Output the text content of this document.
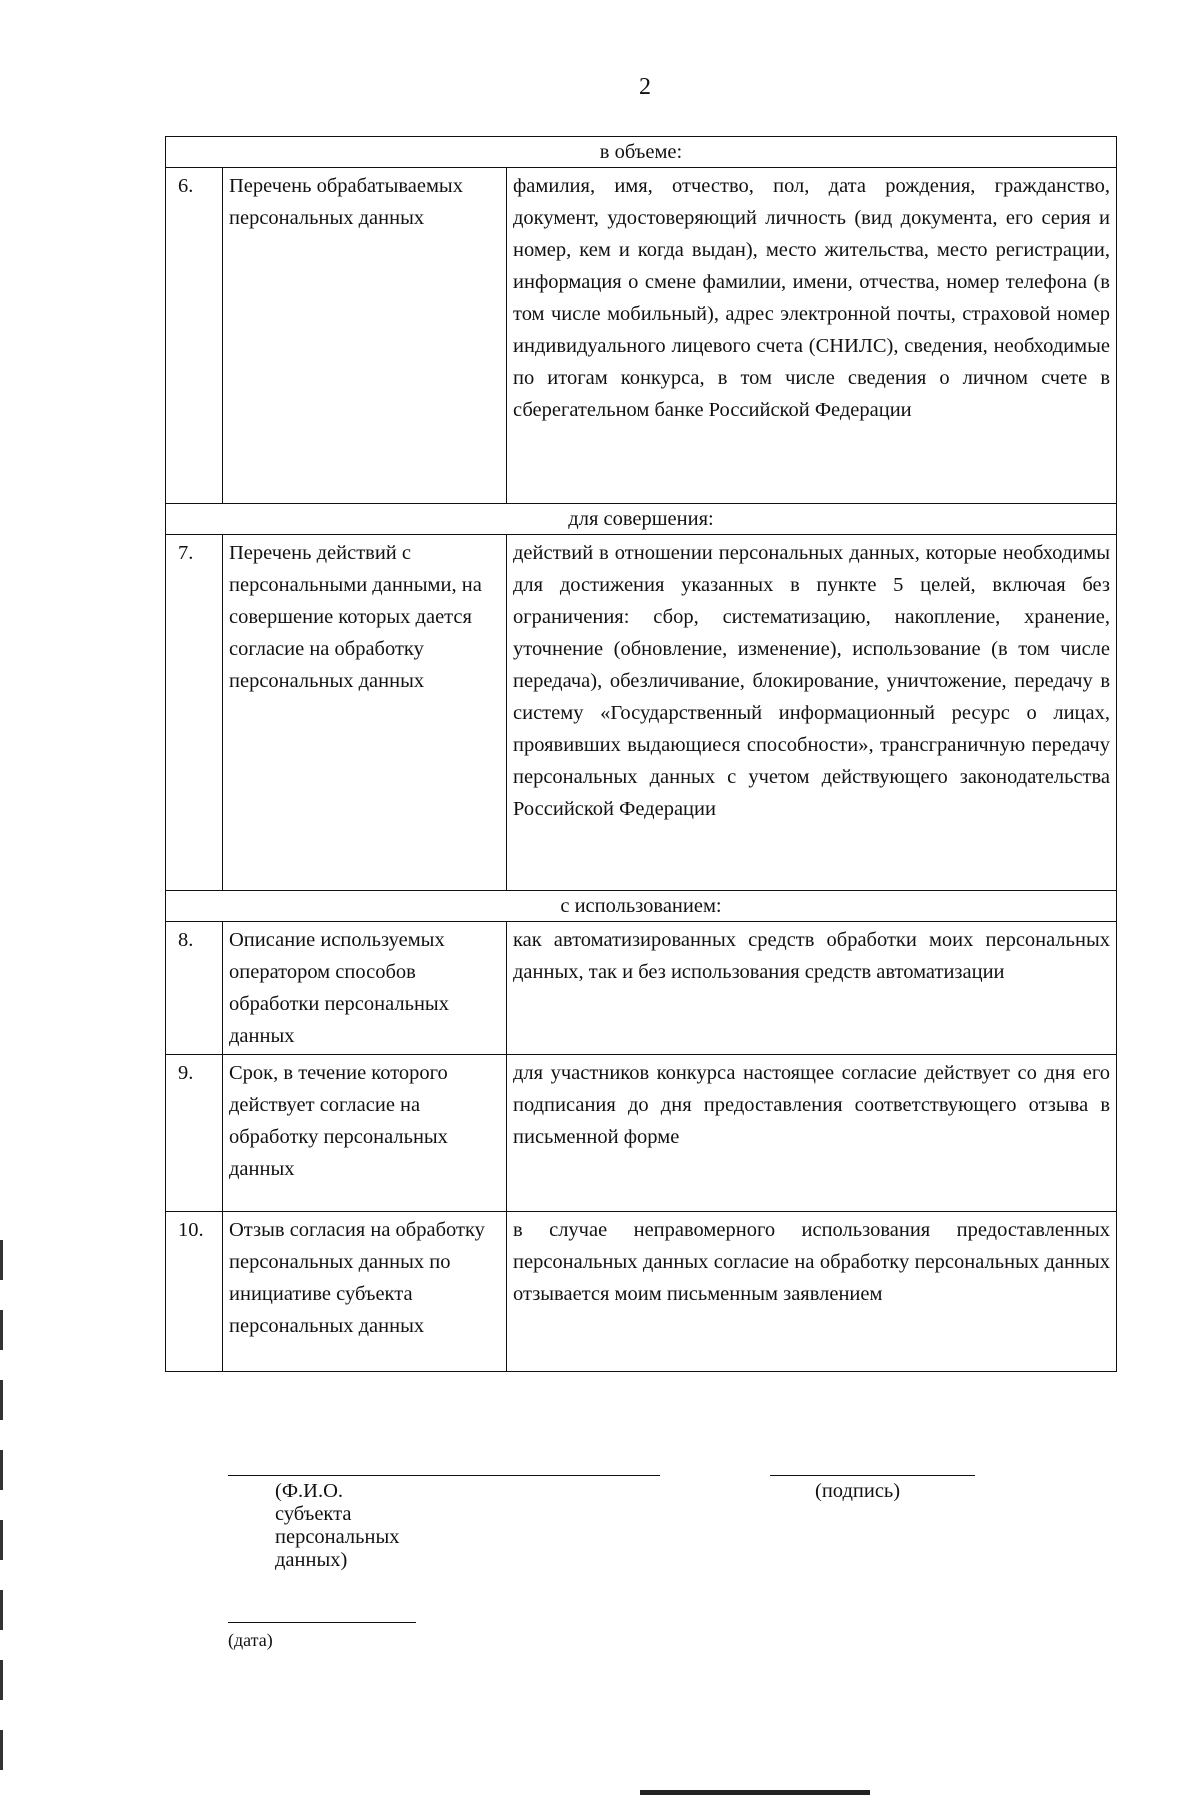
2
в объеме:		
6.	Перечень обрабатываемых персональных данных	фамилия, имя, отчество, пол, дата рождения, гражданство, документ, удостоверяющий личность (вид документа, его серия и номер, кем и когда выдан), место жительства, место регистрации, информация о смене фамилии, имени, отчества, номер телефона (в том числе мобильный), адрес электронной почты, страховой номер индивидуального лицевого счета (СНИЛС), сведения, необходимые по итогам конкурса, в том числе сведения о личном счете в сберегательном банке Российской Федерации
для совершения:		
7.	Перечень действий с персональными данными, на совершение которых дается согласие на обработку персональных данных	действий в отношении персональных данных, которые необходимы для достижения указанных в пункте 5 целей, включая без ограничения: сбор, систематизацию, накопление, хранение, уточнение (обновление, изменение), использование (в том числе передача), обезличивание, блокирование, уничтожение, передачу в систему «Государственный информационный ресурс о лицах, проявивших выдающиеся способности», трансграничную передачу персональных данных с учетом действующего законодательства Российской Федерации
с использованием:		
8.	Описание используемых оператором способов обработки персональных данных	как автоматизированных средств обработки моих персональных данных, так и без использования средств автоматизации
9.	Срок, в течение которого действует согласие на обработку персональных данных	для участников конкурса настоящее согласие действует со дня его подписания до дня предоставления соответствующего отзыва в письменной форме
10.	Отзыв согласия на обработку персональных данных по инициативе субъекта персональных данных	в случае неправомерного использования предоставленных персональных данных согласие на обработку персональных данных отзывается моим письменным заявлением
(Ф.И.О. субъекта персональных данных)
(подпись)
(дата)
